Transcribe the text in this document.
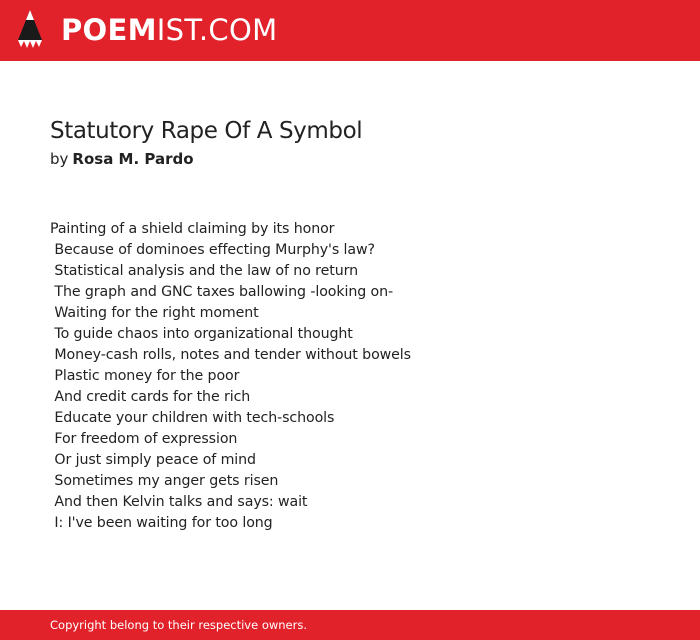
POEMIST.COM
Statutory Rape Of A Symbol
by Rosa M. Pardo
Painting of a shield claiming by its honor
Because of dominoes effecting Murphy's law?
Statistical analysis and the law of no return
The graph and GNC taxes ballowing -looking on-
Waiting for the right moment
To guide chaos into organizational thought
Money-cash rolls, notes and tender without bowels
Plastic money for the poor
And credit cards for the rich
Educate your children with tech-schools
For freedom of expression
Or just simply peace of mind
Sometimes my anger gets risen
And then Kelvin talks and says: wait
I: I've been waiting for too long
Copyright belong to their respective owners.
